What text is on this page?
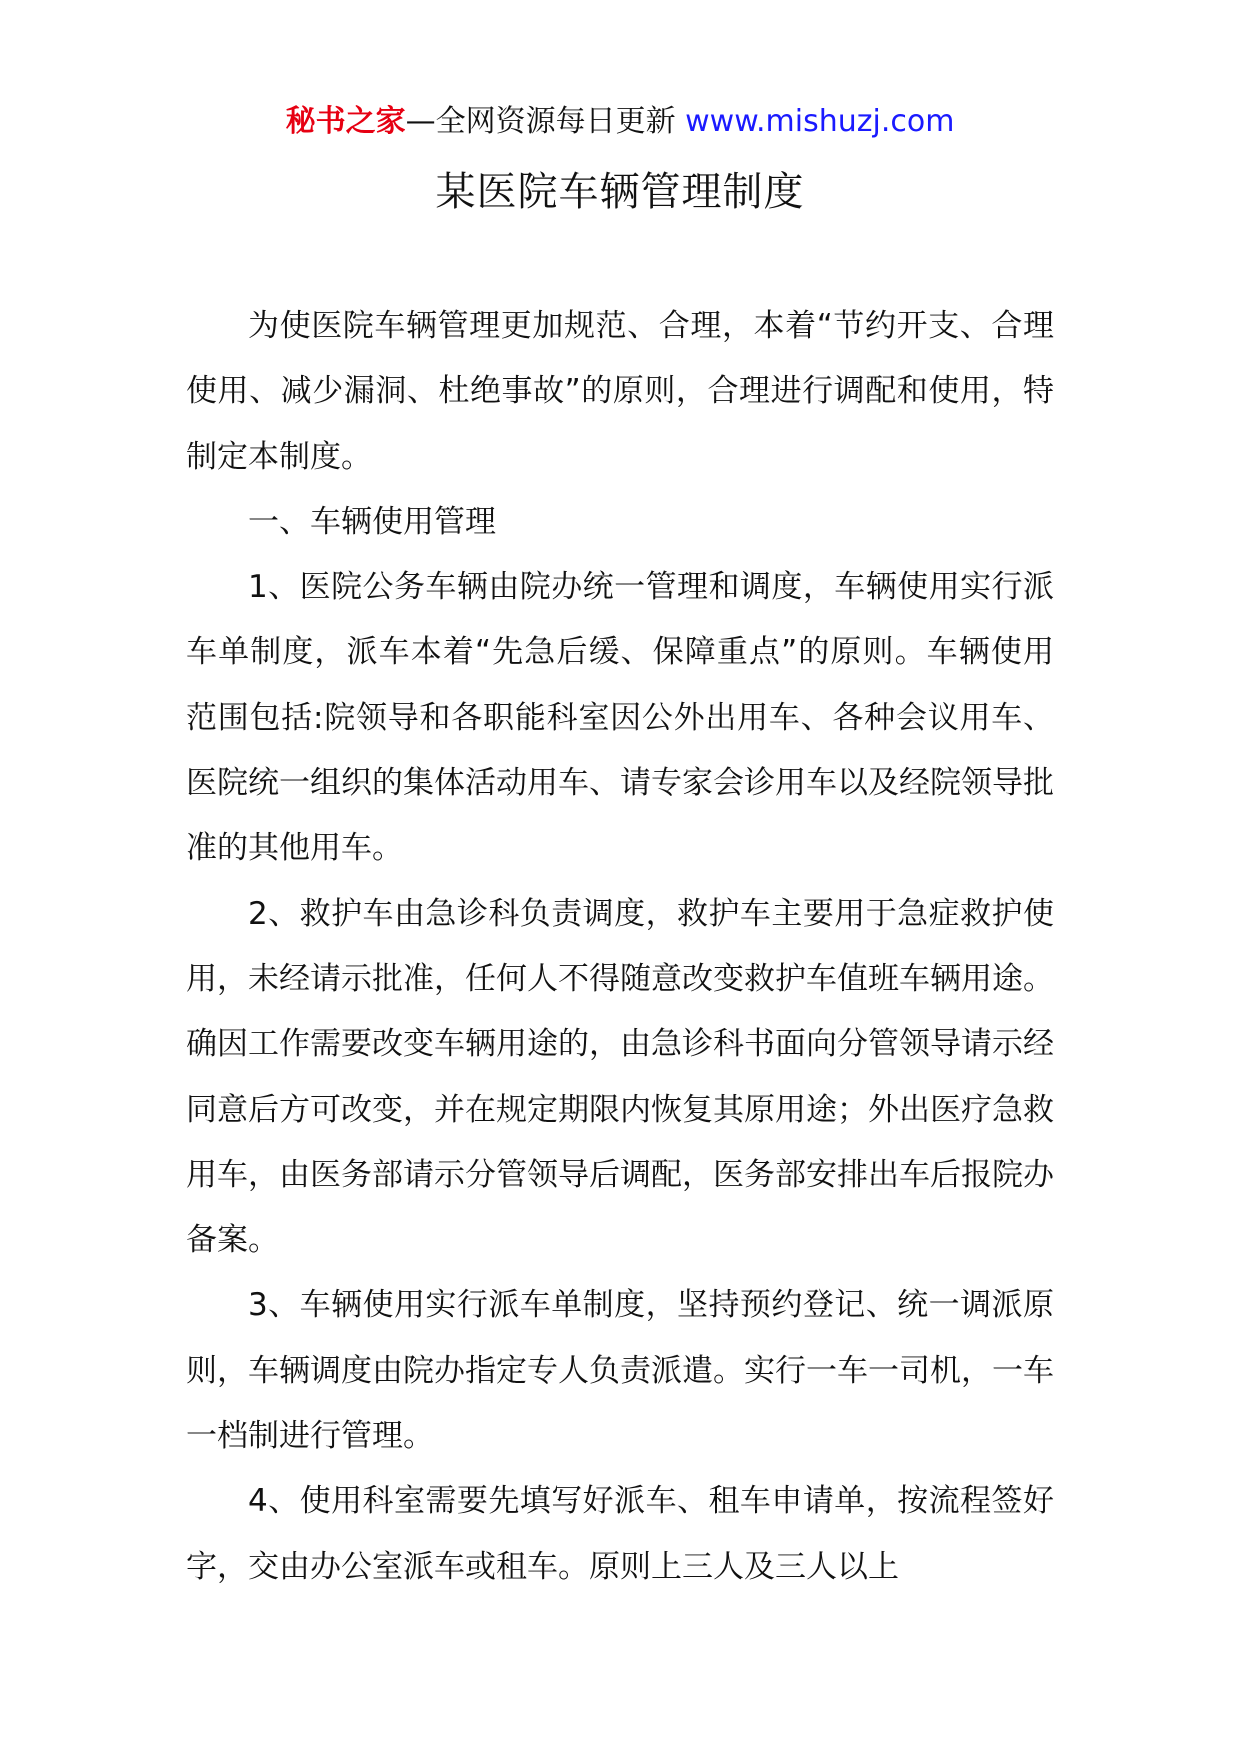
秘书之家—全网资源每日更新 www.mishuzj.com
某医院车辆管理制度

为使医院车辆管理更加规范、合理，本着“节约开支、合理使用、减少漏洞、杜绝事故”的原则，合理进行调配和使用，特制定本制度。

一、车辆使用管理

1、医院公务车辆由院办统一管理和调度，车辆使用实行派车单制度，派车本着“先急后缓、保障重点”的原则。车辆使用范围包括:院领导和各职能科室因公外出用车、各种会议用车、医院统一组织的集体活动用车、请专家会诊用车以及经院领导批准的其他用车。

2、救护车由急诊科负责调度，救护车主要用于急症救护使用，未经请示批准，任何人不得随意改变救护车值班车辆用途。确因工作需要改变车辆用途的，由急诊科书面向分管领导请示经同意后方可改变，并在规定期限内恢复其原用途；外出医疗急救用车，由医务部请示分管领导后调配，医务部安排出车后报院办备案。

3、车辆使用实行派车单制度，坚持预约登记、统一调派原则，车辆调度由院办指定专人负责派遣。实行一车一司机，一车一档制进行管理。

4、使用科室需要先填写好派车、租车申请单，按流程签好字，交由办公室派车或租车。原则上三人及三人以上
